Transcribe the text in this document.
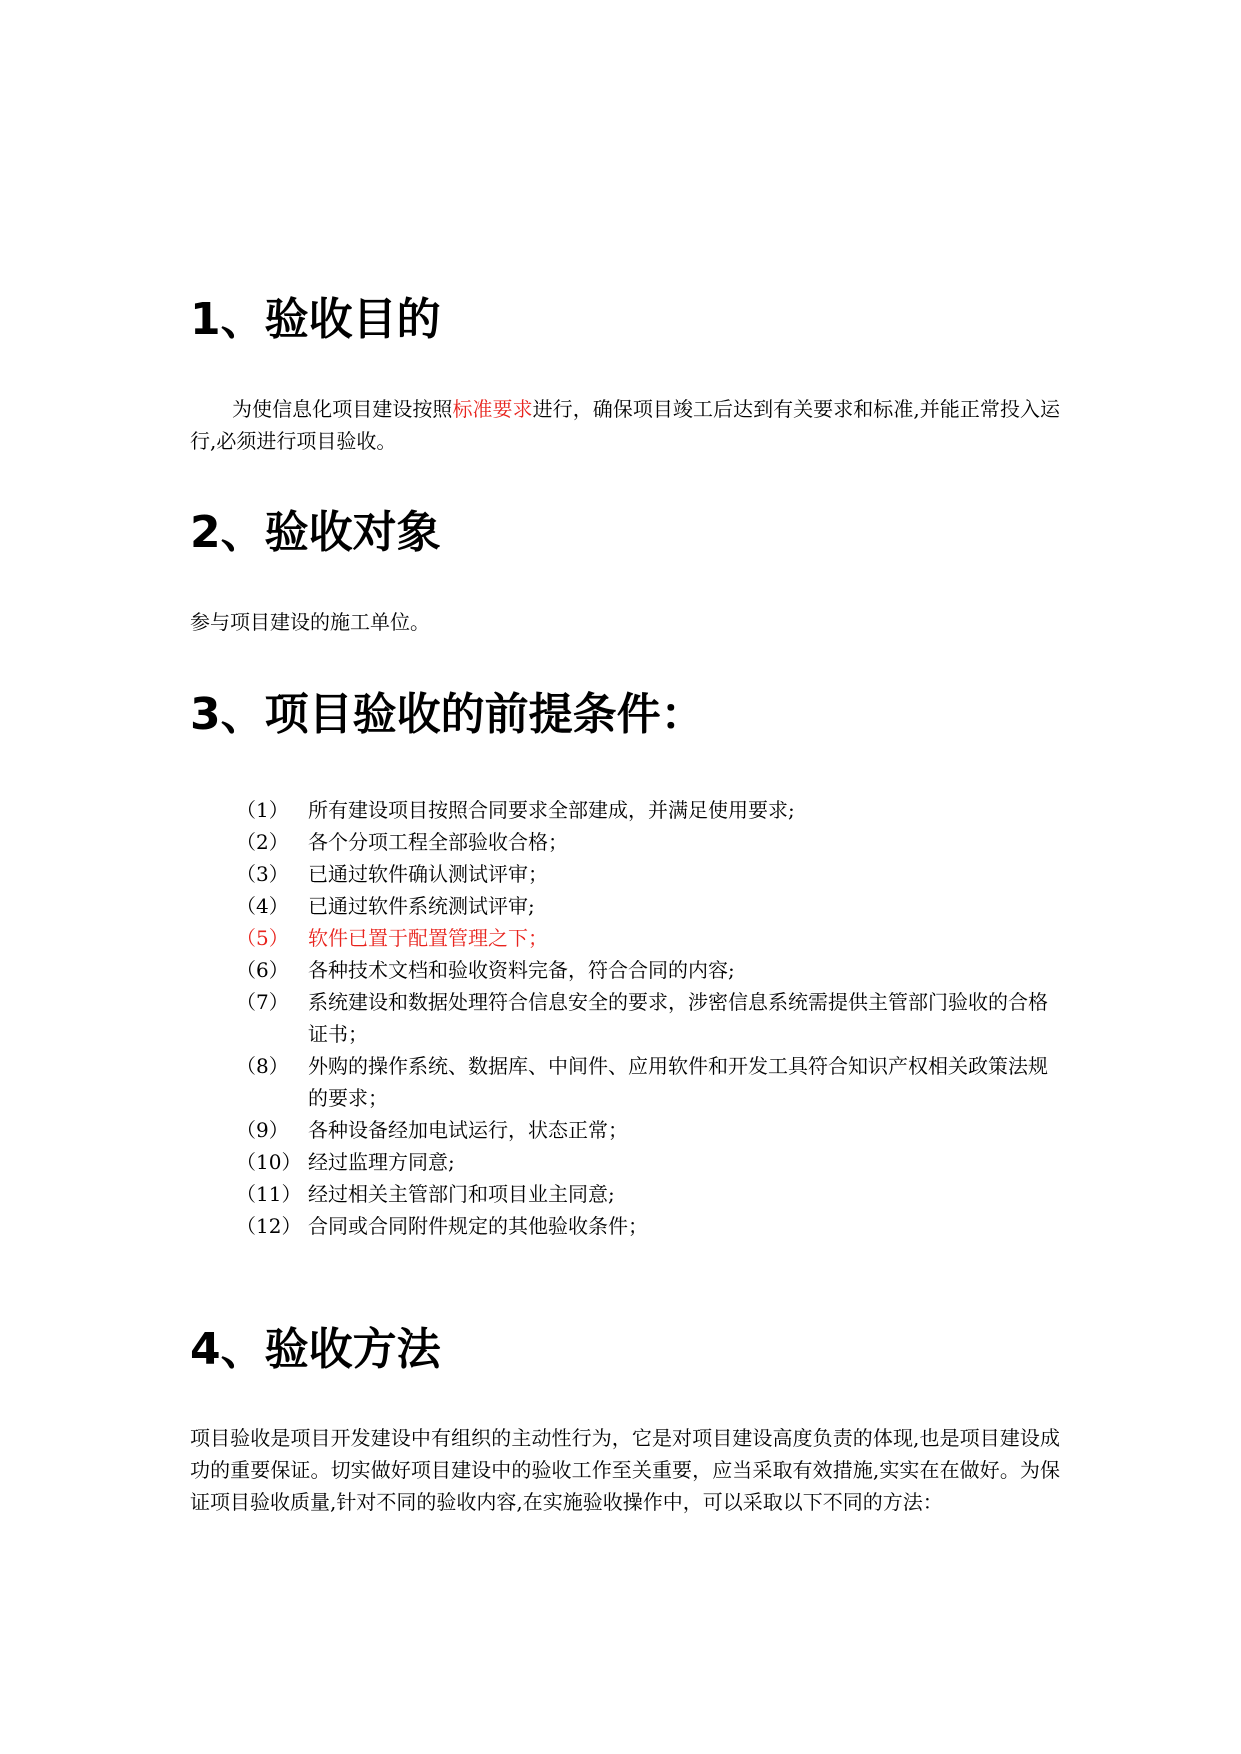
1、验收目的

为使信息化项目建设按照标准要求进行，确保项目竣工后达到有关要求和标准,并能正常投入运行,必须进行项目验收。

2、验收对象

参与项目建设的施工单位。

3、项目验收的前提条件：
（1） 所有建设项目按照合同要求全部建成，并满足使用要求;
（2） 各个分项工程全部验收合格；
（3） 已通过软件确认测试评审；
（4） 已通过软件系统测试评审;
（5） 软件已置于配置管理之下；
（6） 各种技术文档和验收资料完备，符合合同的内容;
（7） 系统建设和数据处理符合信息安全的要求，涉密信息系统需提供主管部门验收的合格证书；
（8） 外购的操作系统、数据库、中间件、应用软件和开发工具符合知识产权相关政策法规的要求；
（9） 各种设备经加电试运行，状态正常；
（10） 经过监理方同意;
（11） 经过相关主管部门和项目业主同意;
（12） 合同或合同附件规定的其他验收条件；
4、验收方法

项目验收是项目开发建设中有组织的主动性行为，它是对项目建设高度负责的体现,也是项目建设成功的重要保证。切实做好项目建设中的验收工作至关重要，应当采取有效措施,实实在在做好。为保证项目验收质量,针对不同的验收内容,在实施验收操作中，可以采取以下不同的方法：
